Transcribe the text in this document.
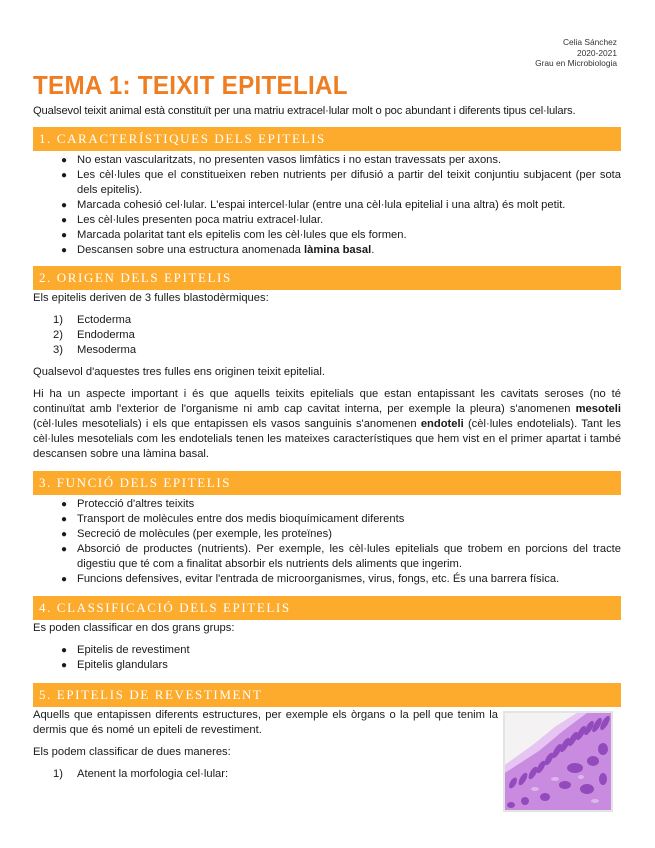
Celia Sánchez
2020-2021
Grau en Microbiologia
TEMA 1: TEIXIT EPITELIAL
Qualsevol teixit animal està constituït per una matriu extracel·lular molt o poc abundant i diferents tipus cel·lulars.
1. CARACTERÍSTIQUES DELS EPITELIS
● No estan vascularitzats, no presenten vasos limfàtics i no estan travessats per axons.
● Les cèl·lules que el constitueixen reben nutrients per difusió a partir del teixit conjuntiu subjacent (per sota dels epitelis).
● Marcada cohesió cel·lular. L'espai intercel·lular (entre una cèl·lula epitelial i una altra) és molt petit.
● Les cèl·lules presenten poca matriu extracel·lular.
● Marcada polaritat tant els epitelis com les cèl·lules que els formen.
● Descansen sobre una estructura anomenada làmina basal.
2. ORIGEN DELS EPITELIS

Els epitelis deriven de 3 fulles blastodèrmiques:

1) Ectoderma
2) Endoderma
3) Mesoderma

Qualsevol d'aquestes tres fulles ens originen teixit epitelial.

Hi ha un aspecte important i és que aquells teixits epitelials que estan entapissant les cavitats seroses (no té continuïtat amb l'exterior de l'organisme ni amb cap cavitat interna, per exemple la pleura) s'anomenen mesoteli (cèl·lules mesotelials) i els que entapissen els vasos sanguinis s'anomenen endoteli (cèl·lules endotelials). Tant les cèl·lules mesotelials com les endotelials tenen les mateixes característiques que hem vist en el primer apartat i també descansen sobre una làmina basal.

3. FUNCIÓ DELS EPITELIS
● Protecció d'altres teixits
● Transport de molècules entre dos medis bioquímicament diferents
● Secreció de molècules (per exemple, les proteïnes)
● Absorció de productes (nutrients). Per exemple, les cèl·lules epitelials que trobem en porcions del tracte digestiu que té com a finalitat absorbir els nutrients dels aliments que ingerim.
● Funcions defensives, evitar l'entrada de microorganismes, virus, fongs, etc. És una barrera física.
4. CLASSIFICACIÓ DELS EPITELIS

Es poden classificar en dos grans grups:

● Epitelis de revestiment
● Epitelis glandulars
5. EPITELIS DE REVESTIMENT

Aquells que entapissen diferents estructures, per exemple els òrgans o la pell que tenim la dermis que és nomé un epiteli de revestiment.

Els podem classificar de dues maneres:

1) Atenent la morfologia cel·lular:
